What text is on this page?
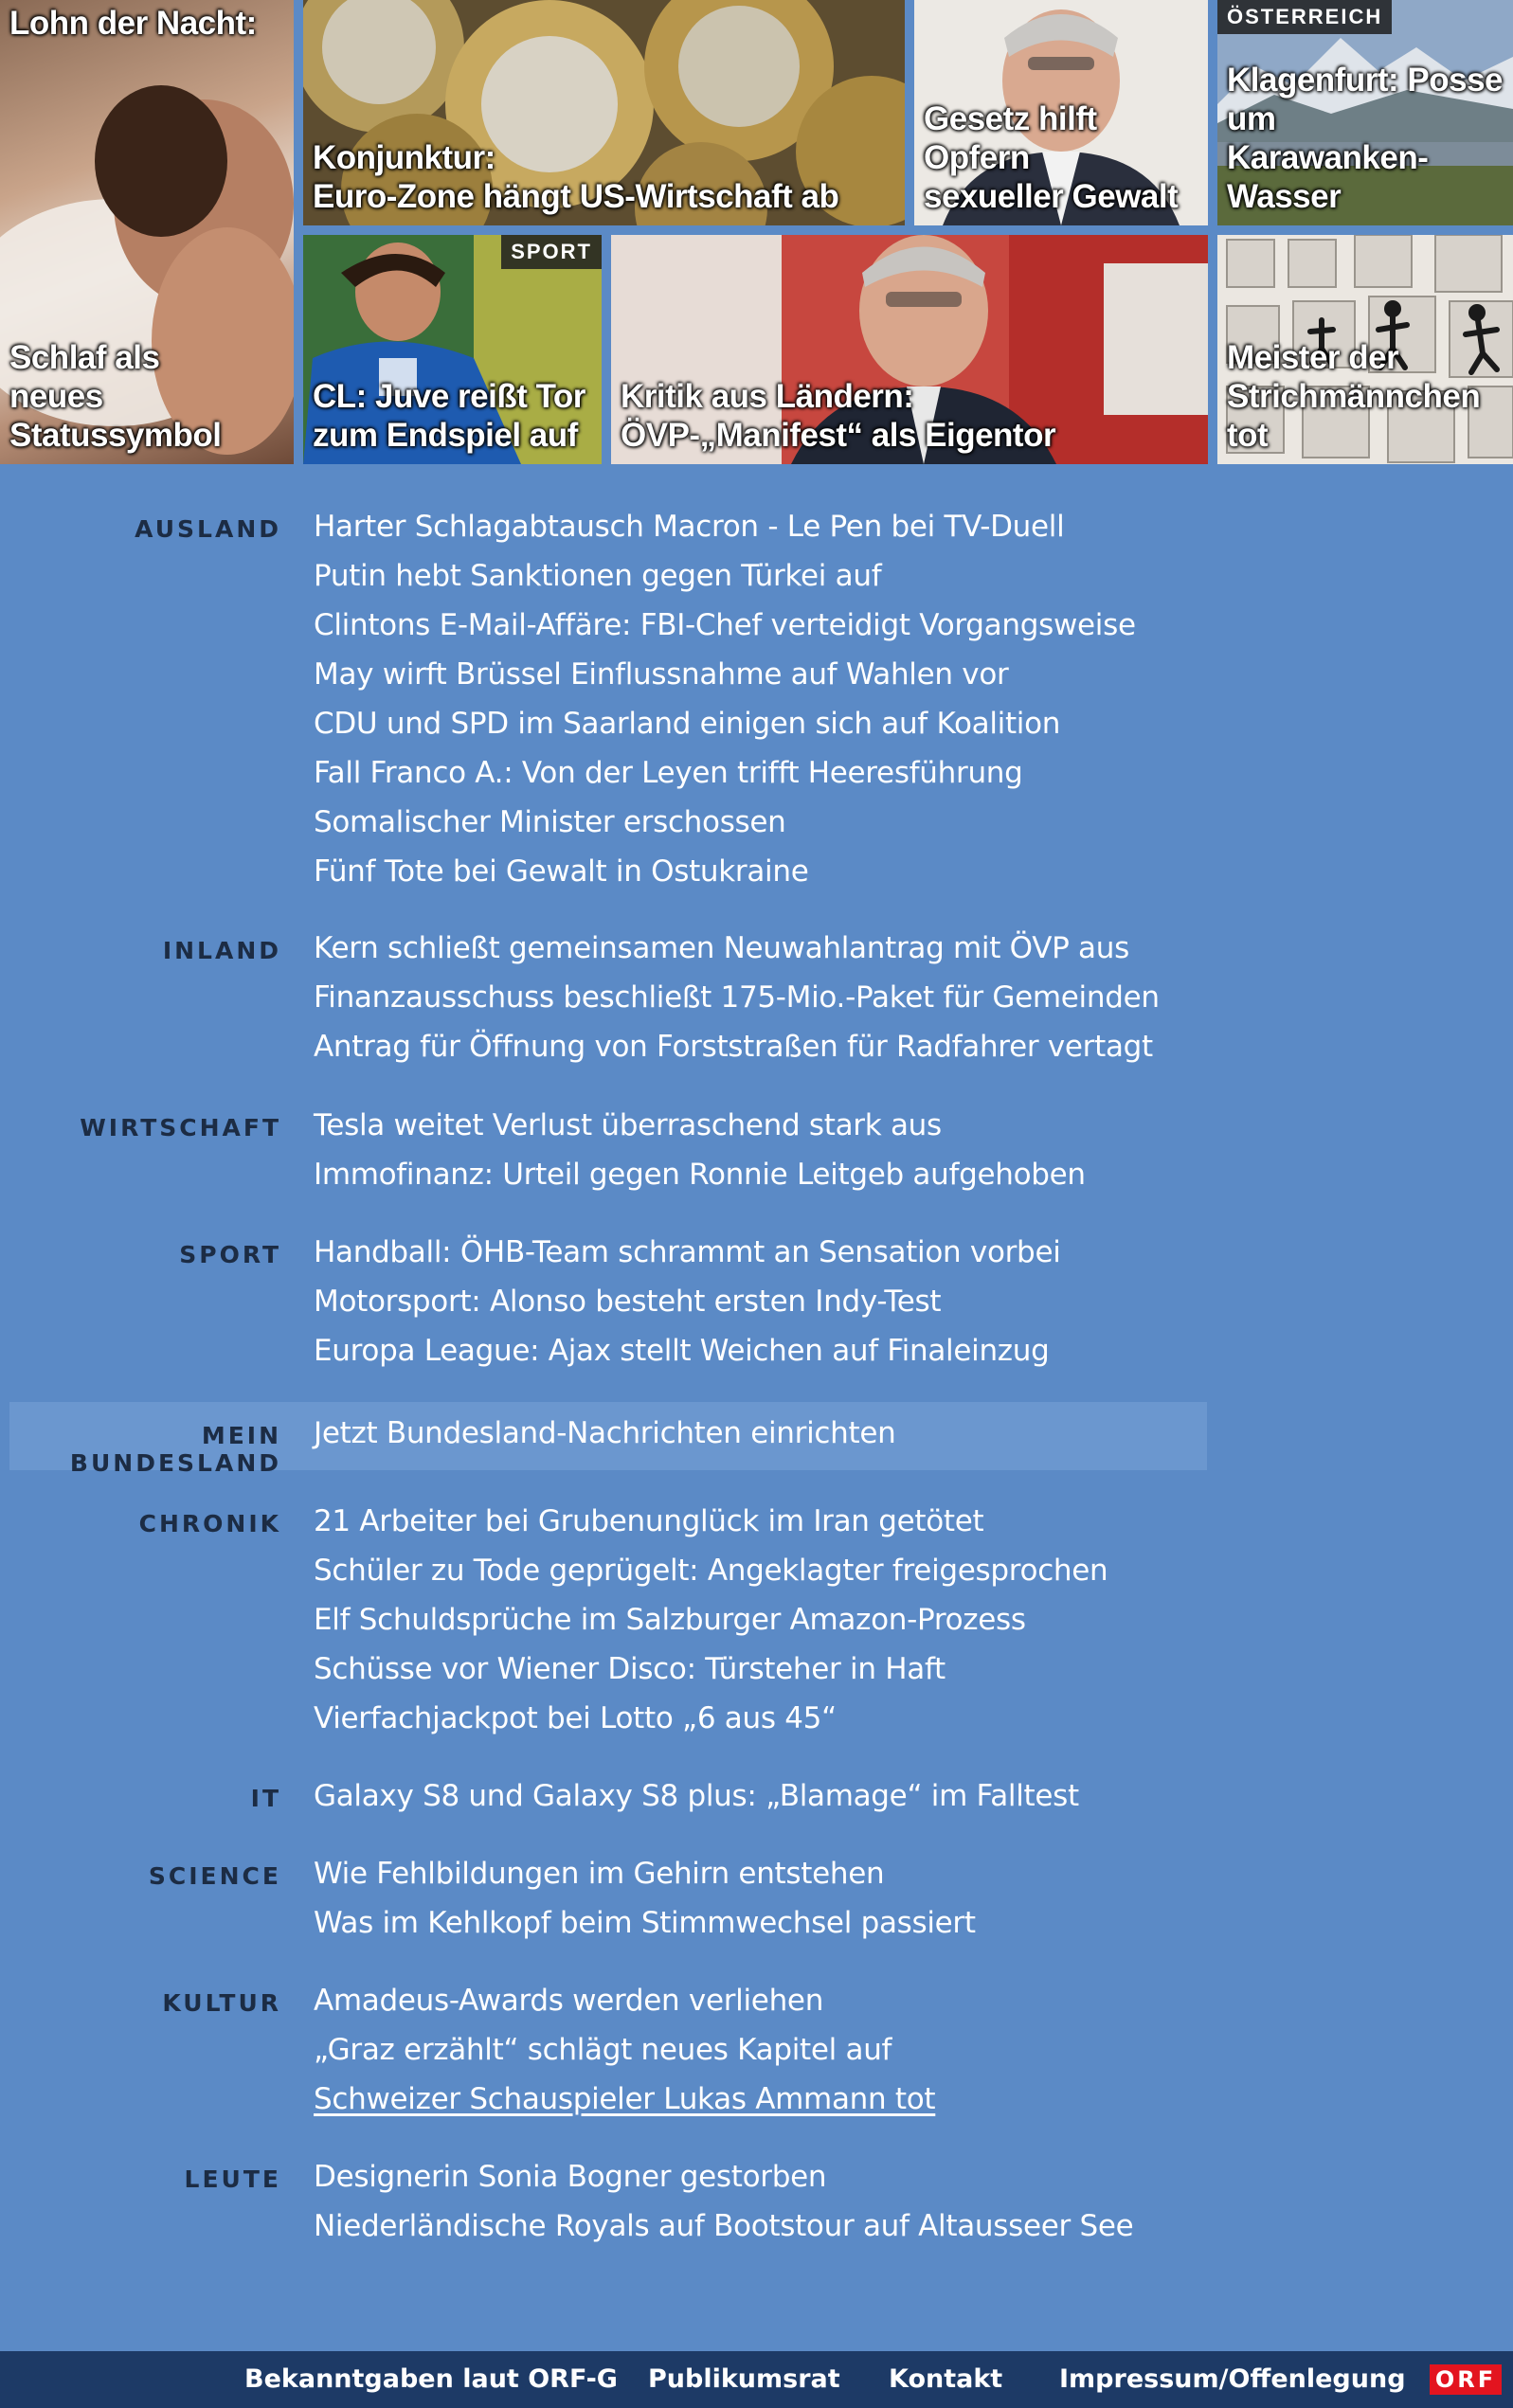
Lohn der Nacht:
Schlaf als
neues Statussymbol
Konjunktur:
Euro-Zone hängt US-Wirtschaft ab
Gesetz hilft Opfern
sexueller Gewalt
ÖSTERREICH
Klagenfurt: Posse um
Karawanken-Wasser
SPORT
CL: Juve reißt Tor
zum Endspiel auf
Kritik aus Ländern:
ÖVP-„Manifest“ als Eigentor
Meister der
Strichmännchen tot
AUSLAND Harter Schlagabtausch Macron - Le Pen bei TV-Duell
Putin hebt Sanktionen gegen Türkei auf
Clintons E-Mail-Affäre: FBI-Chef verteidigt Vorgangsweise
May wirft Brüssel Einflussnahme auf Wahlen vor
CDU und SPD im Saarland einigen sich auf Koalition
Fall Franco A.: Von der Leyen trifft Heeresführung
Somalischer Minister erschossen
Fünf Tote bei Gewalt in Ostukraine
INLAND Kern schließt gemeinsamen Neuwahlantrag mit ÖVP aus
Finanzausschuss beschließt 175-Mio.-Paket für Gemeinden
Antrag für Öffnung von Forststraßen für Radfahrer vertagt
WIRTSCHAFT Tesla weitet Verlust überraschend stark aus
Immofinanz: Urteil gegen Ronnie Leitgeb aufgehoben
SPORT Handball: ÖHB-Team schrammt an Sensation vorbei
Motorsport: Alonso besteht ersten Indy-Test
Europa League: Ajax stellt Weichen auf Finaleinzug
MEIN BUNDESLAND
Jetzt Bundesland-Nachrichten einrichten
CHRONIK 21 Arbeiter bei Grubenunglück im Iran getötet
Schüler zu Tode geprügelt: Angeklagter freigesprochen
Elf Schuldsprüche im Salzburger Amazon-Prozess
Schüsse vor Wiener Disco: Türsteher in Haft
Vierfachjackpot bei Lotto „6 aus 45“
IT Galaxy S8 und Galaxy S8 plus: „Blamage“ im Falltest
SCIENCE Wie Fehlbildungen im Gehirn entstehen
Was im Kehlkopf beim Stimmwechsel passiert
KULTUR Amadeus-Awards werden verliehen
„Graz erzählt“ schlägt neues Kapitel auf
Schweizer Schauspieler Lukas Ammann tot
LEUTE Designerin Sonia Bogner gestorben
Niederländische Royals auf Bootstour auf Altausseer See
Bekanntgaben laut ORF-G Publikumsrat Kontakt Impressum/Offenlegung ORF
